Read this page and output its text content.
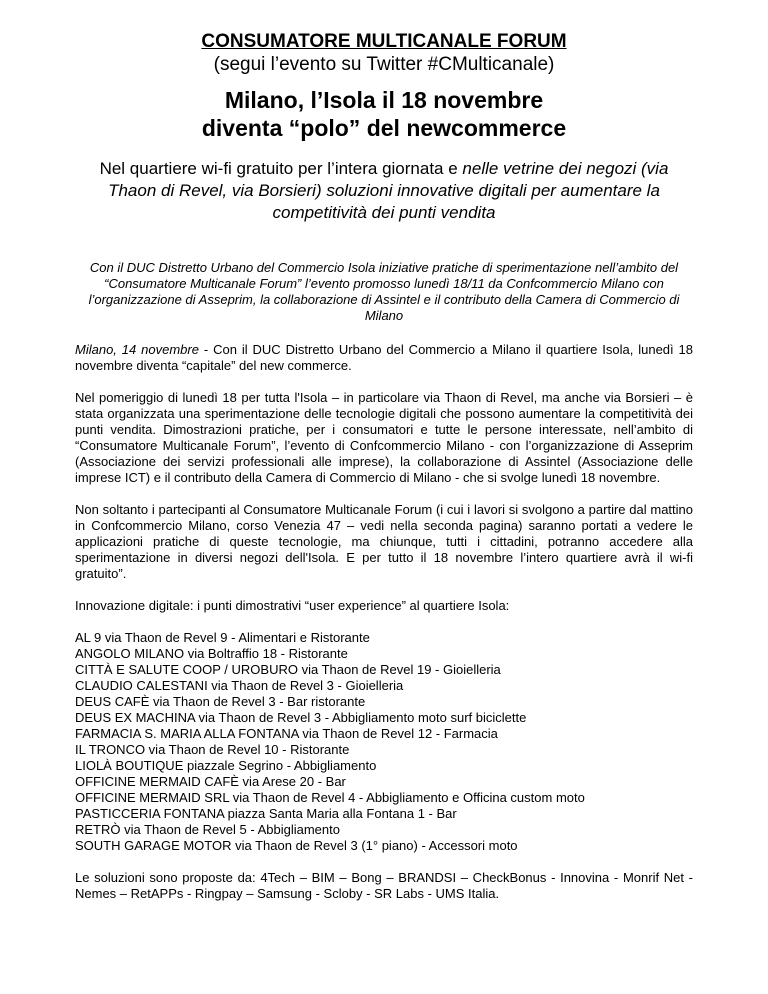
CONSUMATORE MULTICANALE FORUM

(segui l’evento su Twitter #CMulticanale)

Milano, l’Isola il 18 novembre
diventa “polo” del newcommerce

Nel quartiere wi-fi gratuito per l’intera giornata e nelle vetrine dei negozi (via Thaon di Revel, via Borsieri) soluzioni innovative digitali per aumentare la competitività dei punti vendita

Con il DUC Distretto Urbano del Commercio Isola iniziative pratiche di sperimentazione nell’ambito del “Consumatore Multicanale Forum” l’evento promosso lunedì 18/11 da Confcommercio Milano con l’organizzazione di Asseprim, la collaborazione di Assintel e il contributo della Camera di Commercio di Milano

Milano, 14 novembre - Con il DUC Distretto Urbano del Commercio a Milano il quartiere Isola, lunedì 18 novembre diventa “capitale” del new commerce.

Nel pomeriggio di lunedì 18 per tutta l'Isola – in particolare via Thaon di Revel, ma anche via Borsieri – è stata organizzata una sperimentazione delle tecnologie digitali che possono aumentare la competitività dei punti vendita. Dimostrazioni pratiche, per i consumatori e tutte le persone interessate, nell’ambito di “Consumatore Multicanale Forum”, l’evento di Confcommercio Milano - con l’organizzazione di Asseprim (Associazione dei servizi professionali alle imprese), la collaborazione di Assintel (Associazione delle imprese ICT) e il contributo della Camera di Commercio di Milano - che si svolge lunedì 18 novembre.

Non soltanto i partecipanti al Consumatore Multicanale Forum (i cui i lavori si svolgono a partire dal mattino in Confcommercio Milano, corso Venezia 47 – vedi nella seconda pagina) saranno portati a vedere le applicazioni pratiche di queste tecnologie, ma chiunque, tutti i cittadini, potranno accedere alla sperimentazione in diversi negozi dell'Isola. E per tutto il 18 novembre l’intero quartiere avrà il wi-fi gratuito”.

Innovazione digitale: i punti dimostrativi “user experience” al quartiere Isola:

AL 9 via Thaon de Revel 9 - Alimentari e Ristorante
ANGOLO MILANO via Boltraffio 18 - Ristorante
CITTÀ E SALUTE COOP / UROBURO via Thaon de Revel 19 - Gioielleria
CLAUDIO CALESTANI via Thaon de Revel 3 - Gioielleria
DEUS CAFÈ via Thaon de Revel 3 - Bar ristorante
DEUS EX MACHINA via Thaon de Revel 3 - Abbigliamento moto surf biciclette
FARMACIA S. MARIA ALLA FONTANA via Thaon de Revel 12 - Farmacia
IL TRONCO via Thaon de Revel 10 - Ristorante
LIOLÀ BOUTIQUE piazzale Segrino - Abbigliamento
OFFICINE MERMAID CAFÈ via Arese 20 - Bar
OFFICINE MERMAID SRL via Thaon de Revel 4 - Abbigliamento e Officina custom moto
PASTICCERIA FONTANA piazza Santa Maria alla Fontana 1 - Bar
RETRÒ via Thaon de Revel 5 - Abbigliamento
SOUTH GARAGE MOTOR via Thaon de Revel 3 (1° piano) - Accessori moto

Le soluzioni sono proposte da: 4Tech – BIM – Bong – BRANDSI – CheckBonus - Innovina - Monrif Net - Nemes – RetAPPs - Ringpay – Samsung - Scloby - SR Labs - UMS Italia.
